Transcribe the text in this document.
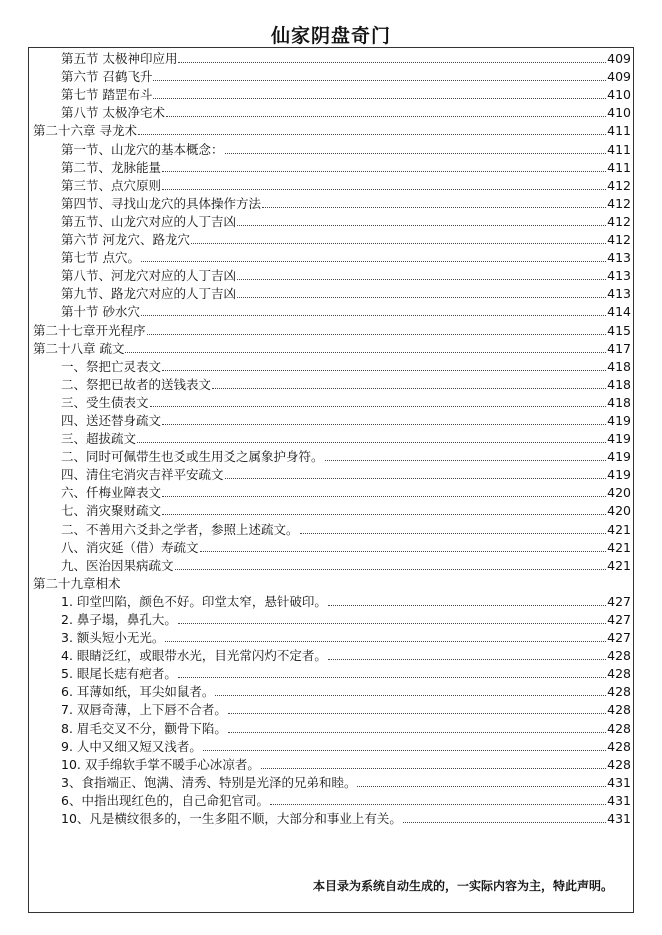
仙家阴盘奇门
第五节 太极神印应用	409
第六节 召鹤飞升	409
第七节 踏罡布斗	410
第八节 太极净宅术	410
第二十六章 寻龙术	411
第一节、山龙穴的基本概念：	411
第二节、龙脉能量	411
第三节、点穴原则	412
第四节、寻找山龙穴的具体操作方法	412
第五节、山龙穴对应的人丁吉凶	412
第六节 河龙穴、路龙穴	412
第七节 点穴。	413
第八节、河龙穴对应的人丁吉凶	413
第九节、路龙穴对应的人丁吉凶	413
第十节 砂水穴	414
第二十七章开光程序	415
第二十八章 疏文	417
一、祭把亡灵表文	418
二、祭把已故者的送钱表文	418
三、受生债表文	418
四、送还替身疏文	419
三、超拔疏文	419
二、同时可佩带生也爻或生用爻之属象护身符。	419
四、清住宅消灾吉祥平安疏文	419
六、仟梅业障表文	420
七、消灾聚财疏文	420
二、不善用六爻卦之学者，参照上述疏文。	421
八、消灾延（借）寿疏文	421
九、医治因果病疏文	421
第二十九章相术
1. 印堂凹陷，颜色不好。印堂太窄，悬针破印。	427
2. 鼻子塌，鼻孔大。	427
3. 额头短小无光。	427
4. 眼睛泛红，或眼带水光，目光常闪灼不定者。	428
5. 眼尾长痣有疤者。	428
6. 耳薄如纸，耳尖如鼠者。	428
7. 双唇奇薄，上下唇不合者。	428
8. 眉毛交叉不分，颧骨下陷。	428
9. 人中又细又短又浅者。	428
10. 双手绵软手掌不暖手心冰凉者。	428
3、食指端正、饱满、清秀、特别是光泽的兄弟和睦。	431
6、中指出现红色的，自己命犯官司。	431
10、凡是横纹很多的，一生多阻不顺，大部分和事业上有关。	431
本目录为系统自动生成的，一实际内容为主，特此声明。
